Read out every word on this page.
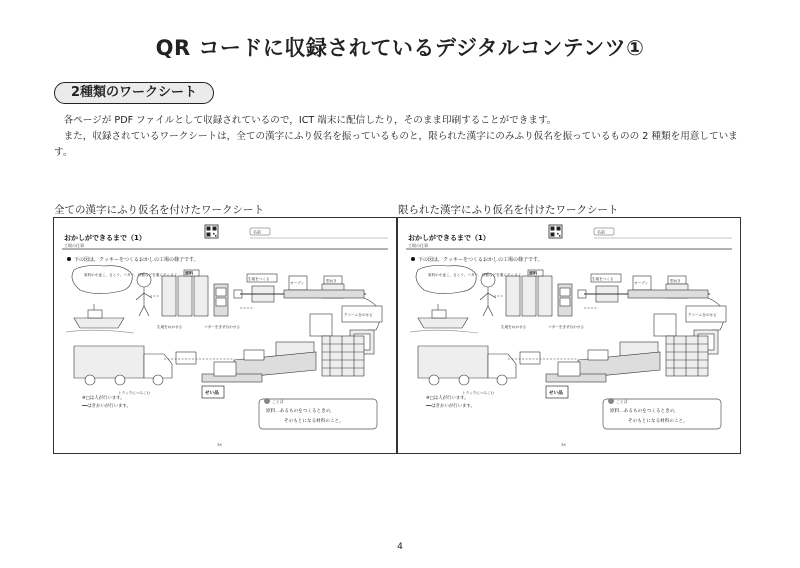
QR コードに収録されているデジタルコンテンツ①
2種類のワークシート

各ページが PDF ファイルとして収録されているので，ICT 端末に配信したり，そのまま印刷することができます。

また，収録されているワークシートは，全ての漢字にふり仮名を振っているものと，限られた漢字にのみふり仮名を振っているものの 2 種類を用意しています。

全ての漢字にふり仮名を付けたワークシート	限られた漢字にふり仮名を付けたワークシート
名前
おかしができるまで（1）
工場の仕事
下の図は，クッキーをつくるおかしの工場の様子です。
原料の小麦こ，さとう，バター，砂糖などを運んでくるよ 原料
生地をつくる
オーブン	型ぬき
生地をねかせる	バターをまぜ合わせる
クリームをのせる
トラックにつみこむ	せい品
※□は人が行います。
━━はきかいが行います。
ことば
原料…あるものをつくるときの，
そのもとになる材料のこと。
36
名前
おかしができるまで（1）
工場の仕事
下の図は，クッキーをつくるおかしの工場の様子です。
原料の小麦こ，さとう，バター，砂糖などを運んでくるよ 原料
生地をつくる
オーブン	型ぬき
生地をねかせる	バターをまぜ合わせる
クリームをのせる
トラックにつみこむ	せい品
※□は人が行います。
━━はきかいが行います。
ことば
原料…あるものをつくるときの，
そのもとになる材料のこと。
36
4
